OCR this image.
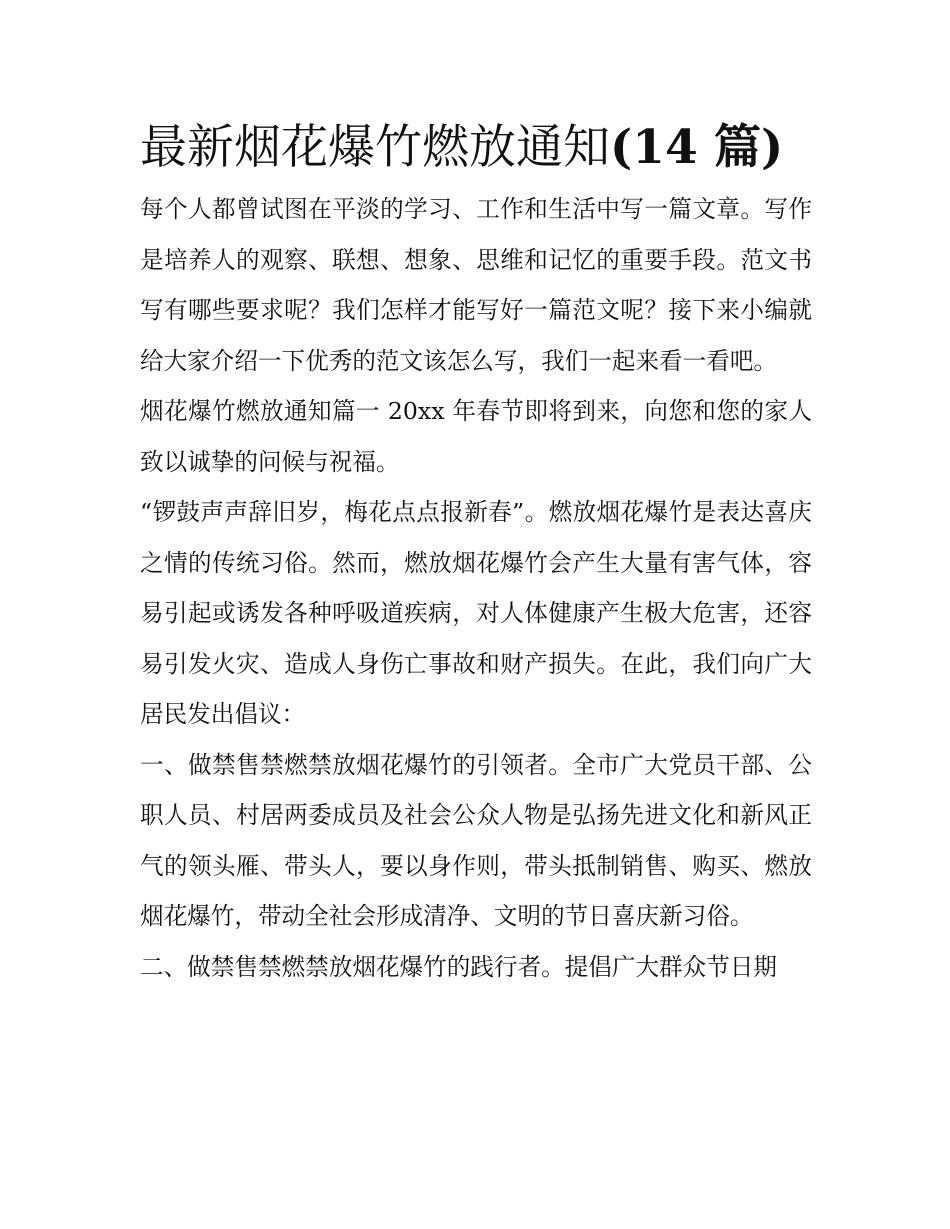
最新烟花爆竹燃放通知(14 篇)

每个人都曾试图在平淡的学习、工作和生活中写一篇文章。写作是培养人的观察、联想、想象、思维和记忆的重要手段。范文书写有哪些要求呢？我们怎样才能写好一篇范文呢？接下来小编就给大家介绍一下优秀的范文该怎么写，我们一起来看一看吧。

烟花爆竹燃放通知篇一 20xx 年春节即将到来，向您和您的家人致以诚挚的问候与祝福。

“锣鼓声声辞旧岁，梅花点点报新春”。燃放烟花爆竹是表达喜庆之情的传统习俗。然而，燃放烟花爆竹会产生大量有害气体，容易引起或诱发各种呼吸道疾病，对人体健康产生极大危害，还容易引发火灾、造成人身伤亡事故和财产损失。在此，我们向广大居民发出倡议：

一、做禁售禁燃禁放烟花爆竹的引领者。全市广大党员干部、公职人员、村居两委成员及社会公众人物是弘扬先进文化和新风正气的领头雁、带头人，要以身作则，带头抵制销售、购买、燃放烟花爆竹，带动全社会形成清净、文明的节日喜庆新习俗。

二、做禁售禁燃禁放烟花爆竹的践行者。提倡广大群众节日期
